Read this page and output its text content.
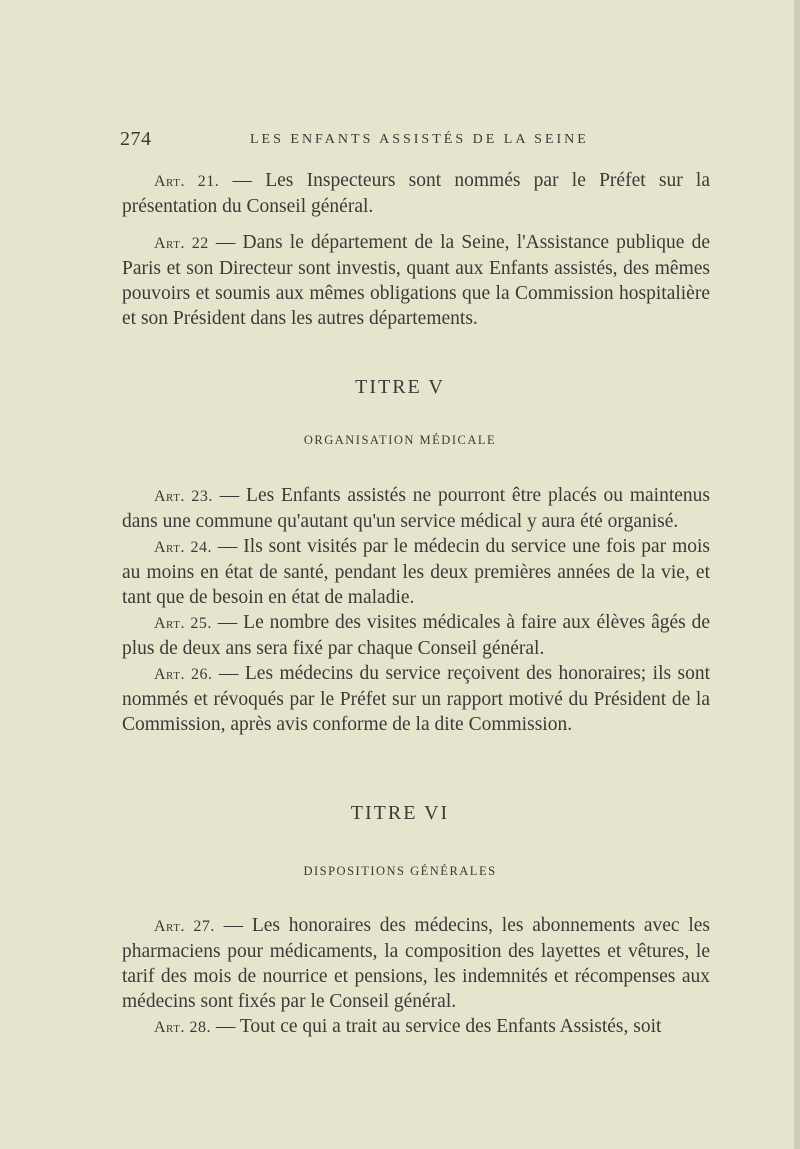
274	LES ENFANTS ASSISTÉS DE LA SEINE

Art. 21. — Les Inspecteurs sont nommés par le Préfet sur la présentation du Conseil général.

Art. 22 — Dans le département de la Seine, l'Assistance publique de Paris et son Directeur sont investis, quant aux Enfants assistés, des mêmes pouvoirs et soumis aux mêmes obligations que la Commission hospitalière et son Président dans les autres départements.

TITRE V
ORGANISATION MÉDICALE

Art. 23. — Les Enfants assistés ne pourront être placés ou maintenus dans une commune qu'autant qu'un service médical y aura été organisé.

Art. 24. — Ils sont visités par le médecin du service une fois par mois au moins en état de santé, pendant les deux premières années de la vie, et tant que de besoin en état de maladie.

Art. 25. — Le nombre des visites médicales à faire aux élèves âgés de plus de deux ans sera fixé par chaque Conseil général.

Art. 26. — Les médecins du service reçoivent des honoraires; ils sont nommés et révoqués par le Préfet sur un rapport motivé du Président de la Commission, après avis conforme de la dite Commission.

TITRE VI
DISPOSITIONS GÉNÉRALES

Art. 27. — Les honoraires des médecins, les abonnements avec les pharmaciens pour médicaments, la composition des layettes et vêtures, le tarif des mois de nourrice et pensions, les indemnités et récompenses aux médecins sont fixés par le Conseil général.

Art. 28. — Tout ce qui a trait au service des Enfants Assistés, soit
